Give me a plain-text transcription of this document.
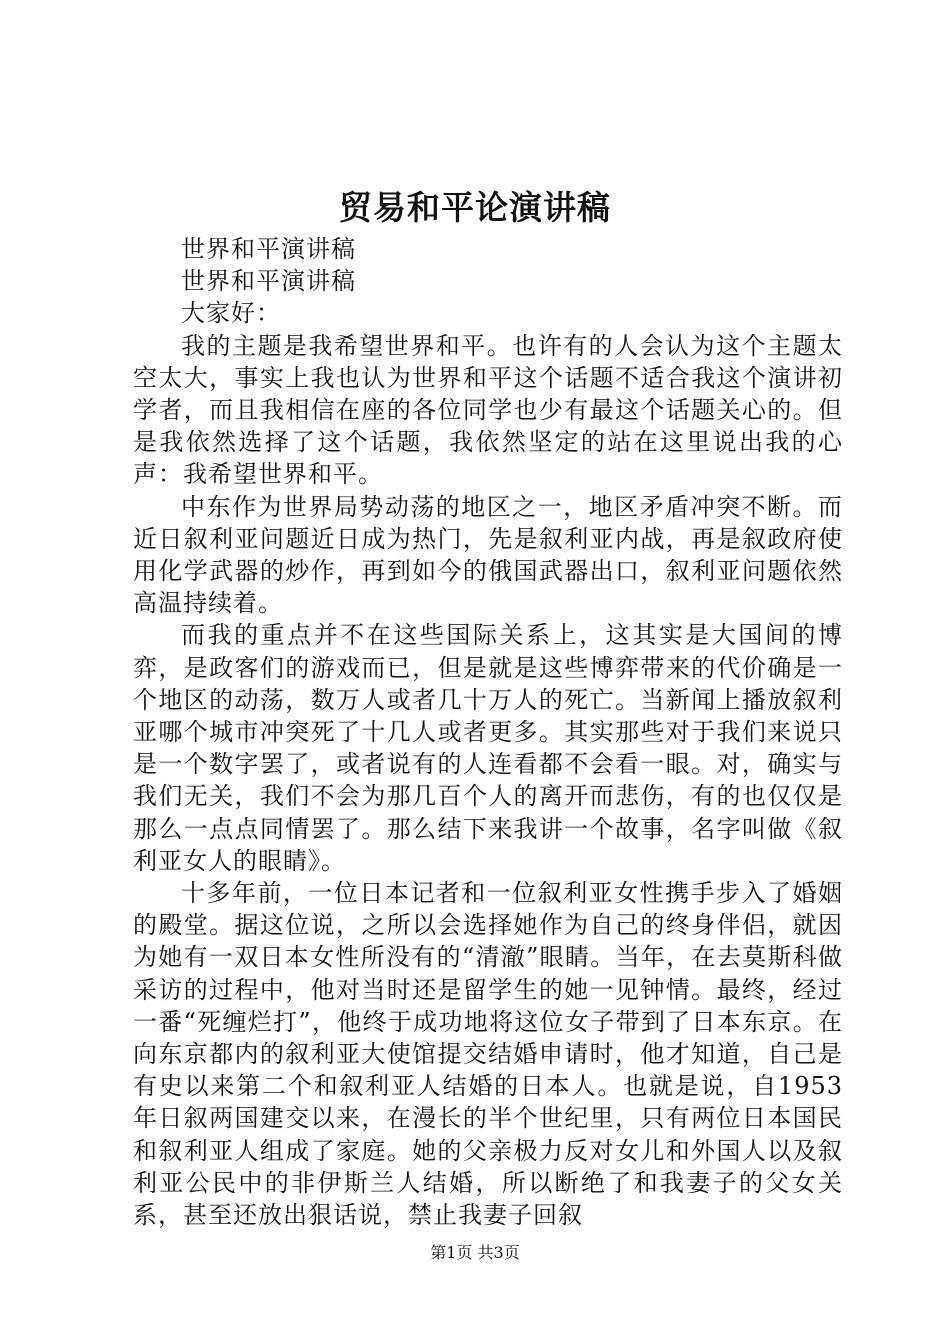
贸易和平论演讲稿

世界和平演讲稿

世界和平演讲稿

大家好：

我的主题是我希望世界和平。也许有的人会认为这个主题太空太大，事实上我也认为世界和平这个话题不适合我这个演讲初学者，而且我相信在座的各位同学也少有最这个话题关心的。但是我依然选择了这个话题，我依然坚定的站在这里说出我的心声：我希望世界和平。

中东作为世界局势动荡的地区之一，地区矛盾冲突不断。而近日叙利亚问题近日成为热门，先是叙利亚内战，再是叙政府使用化学武器的炒作，再到如今的俄国武器出口，叙利亚问题依然高温持续着。

而我的重点并不在这些国际关系上，这其实是大国间的博弈，是政客们的游戏而已，但是就是这些博弈带来的代价确是一个地区的动荡，数万人或者几十万人的死亡。当新闻上播放叙利亚哪个城市冲突死了十几人或者更多。其实那些对于我们来说只是一个数字罢了，或者说有的人连看都不会看一眼。对，确实与我们无关，我们不会为那几百个人的离开而悲伤，有的也仅仅是那么一点点同情罢了。那么结下来我讲一个故事，名字叫做《叙利亚女人的眼睛》。

十多年前，一位日本记者和一位叙利亚女性携手步入了婚姻的殿堂。据这位说，之所以会选择她作为自己的终身伴侣，就因为她有一双日本女性所没有的“清澈”眼睛。当年，在去莫斯科做采访的过程中，他对当时还是留学生的她一见钟情。最终，经过一番“死缠烂打”，他终于成功地将这位女子带到了日本东京。在向东京都内的叙利亚大使馆提交结婚申请时，他才知道，自己是有史以来第二个和叙利亚人结婚的日本人。也就是说，自1953年日叙两国建交以来，在漫长的半个世纪里，只有两位日本国民和叙利亚人组成了家庭。她的父亲极力反对女儿和外国人以及叙利亚公民中的非伊斯兰人结婚，所以断绝了和我妻子的父女关系，甚至还放出狠话说，禁止我妻子回叙

第1页 共3页
